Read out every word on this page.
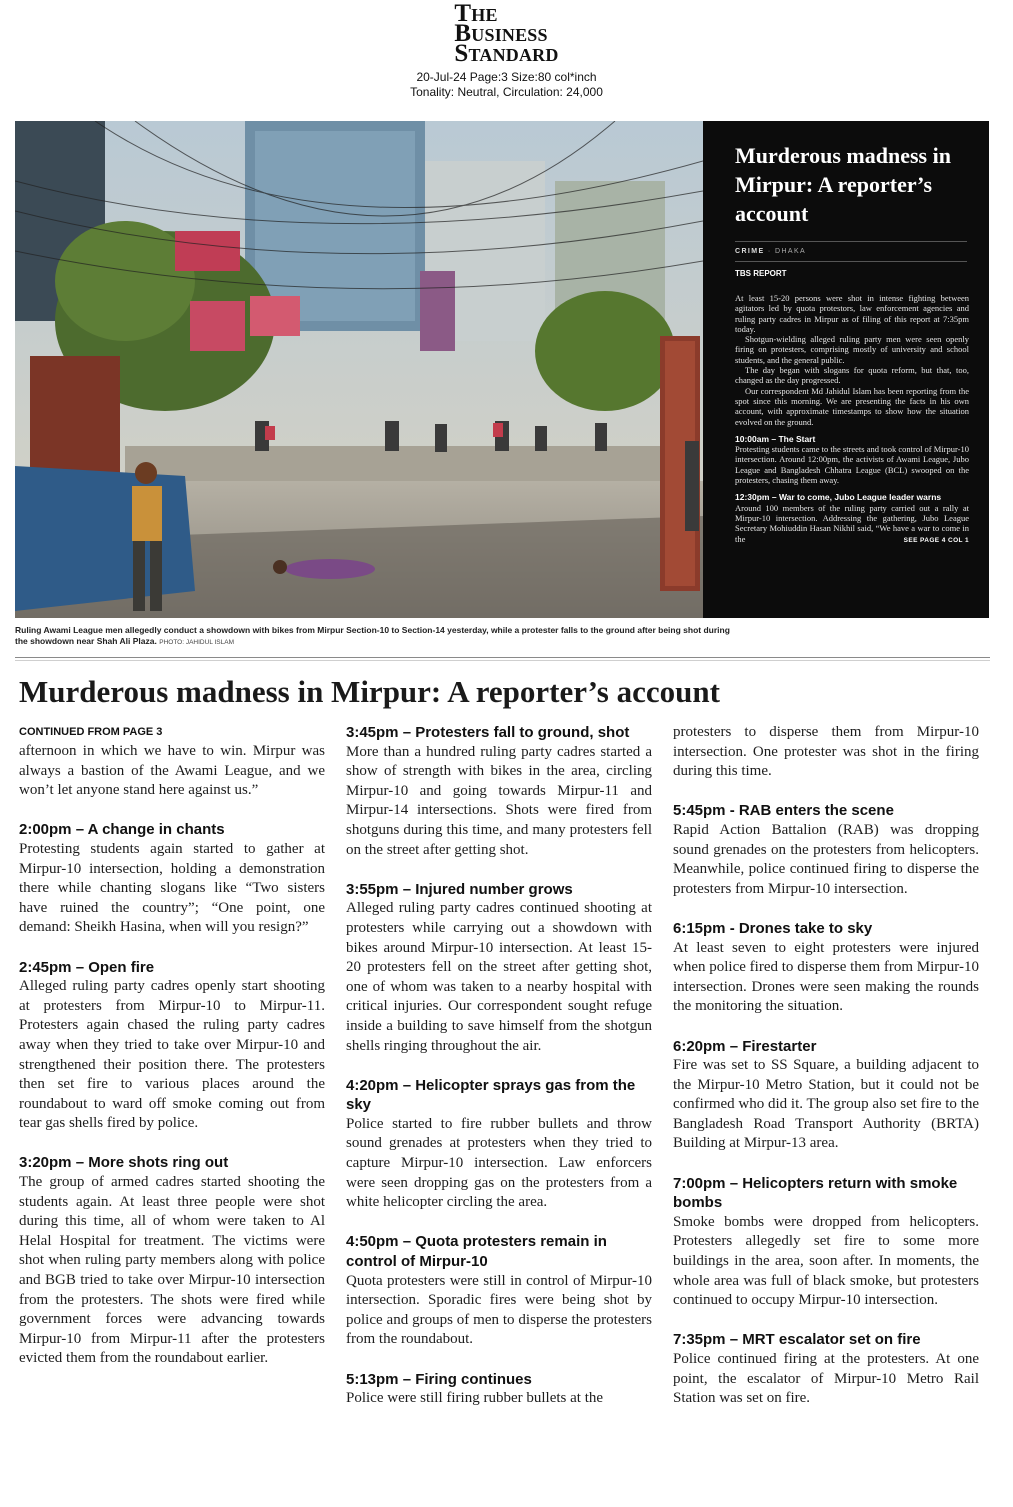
The
Business
Standard
20-Jul-24 Page:3 Size:80 col*inch
Tonality: Neutral, Circulation: 24,000
Murderous madness in Mirpur: A reporter’s account
CRIME · DHAKA
TBS REPORT

At least 15-20 persons were shot in intense fighting between agitators led by quota protestors, law enforcement agencies and ruling party cadres in Mirpur as of filing of this report at 7:35pm today.

Shotgun-wielding alleged ruling party men were seen openly firing on protesters, comprising mostly of university and school students, and the general public.

The day began with slogans for quota reform, but that, too, changed as the day progressed.

Our correspondent Md Jahidul Islam has been reporting from the spot since this morning. We are presenting the facts in his own account, with approximate timestamps to show how the situation evolved on the ground.

10:00am – The Start

Protesting students came to the streets and took control of Mirpur-10 intersection. Around 12:00pm, the activists of Awami League, Jubo League and Bangladesh Chhatra League (BCL) swooped on the protesters, chasing them away.

12:30pm – War to come, Jubo League leader warns

Around 100 members of the ruling party carried out a rally at Mirpur-10 intersection. Addressing the gathering, Jubo League Secretary Mohiuddin Hasan Nikhil said, “We have a war to come in the	SEE PAGE 4 COL 1

Ruling Awami League men allegedly conduct a showdown with bikes from Mirpur Section-10 to Section-14 yesterday, while a protester falls to the ground after being shot during the showdown near Shah Ali Plaza. PHOTO: JAHIDUL ISLAM
Murderous madness in Mirpur: A reporter’s account
CONTINUED FROM PAGE 3

afternoon in which we have to win. Mirpur was always a bastion of the Awami League, and we won’t let anyone stand here against us.”

2:00pm – A change in chants

Protesting students again started to gather at Mirpur-10 intersection, holding a demonstration there while chanting slogans like “Two sisters have ruined the country”; “One point, one demand: Sheikh Hasina, when will you resign?”

2:45pm – Open fire

Alleged ruling party cadres openly start shooting at protesters from Mirpur-10 to Mirpur-11. Protesters again chased the ruling party cadres away when they tried to take over Mirpur-10 and strengthened their position there. The protesters then set fire to various places around the roundabout to ward off smoke coming out from tear gas shells fired by police.

3:20pm – More shots ring out

The group of armed cadres started shooting the students again. At least three people were shot during this time, all of whom were taken to Al Helal Hospital for treatment. The victims were shot when ruling party members along with police and BGB tried to take over Mirpur-10 intersection from the protesters. The shots were fired while government forces were advancing towards Mirpur-10 from Mirpur-11 after the protesters evicted them from the roundabout earlier.

3:45pm – Protesters fall to ground, shot

More than a hundred ruling party cadres started a show of strength with bikes in the area, circling Mirpur-10 and going towards Mirpur-11 and Mirpur-14 intersections. Shots were fired from shotguns during this time, and many protesters fell on the street after getting shot.

3:55pm – Injured number grows

Alleged ruling party cadres continued shooting at protesters while carrying out a showdown with bikes around Mirpur-10 intersection. At least 15-20 protesters fell on the street after getting shot, one of whom was taken to a nearby hospital with critical injuries. Our correspondent sought refuge inside a building to save himself from the shotgun shells ringing throughout the air.

4:20pm – Helicopter sprays gas from the sky

Police started to fire rubber bullets and throw sound grenades at protesters when they tried to capture Mirpur-10 intersection. Law enforcers were seen dropping gas on the protesters from a white helicopter circling the area.

4:50pm – Quota protesters remain in control of Mirpur-10

Quota protesters were still in control of Mirpur-10 intersection. Sporadic fires were being shot by police and groups of men to disperse the protesters from the roundabout.

5:13pm – Firing continues

Police were still firing rubber bullets at the

protesters to disperse them from Mirpur-10 intersection. One protester was shot in the firing during this time.

5:45pm - RAB enters the scene

Rapid Action Battalion (RAB) was dropping sound grenades on the protesters from helicopters. Meanwhile, police continued firing to disperse the protesters from Mirpur-10 intersection.

6:15pm - Drones take to sky

At least seven to eight protesters were injured when police fired to disperse them from Mirpur-10 intersection. Drones were seen making the rounds the monitoring the situation.

6:20pm – Firestarter

Fire was set to SS Square, a building adjacent to the Mirpur-10 Metro Station, but it could not be confirmed who did it. The group also set fire to the Bangladesh Road Transport Authority (BRTA) Building at Mirpur-13 area.

7:00pm – Helicopters return with smoke bombs

Smoke bombs were dropped from helicopters. Protesters allegedly set fire to some more buildings in the area, soon after. In moments, the whole area was full of black smoke, but protesters continued to occupy Mirpur-10 intersection.

7:35pm – MRT escalator set on fire

Police continued firing at the protesters. At one point, the escalator of Mirpur-10 Metro Rail Station was set on fire.
